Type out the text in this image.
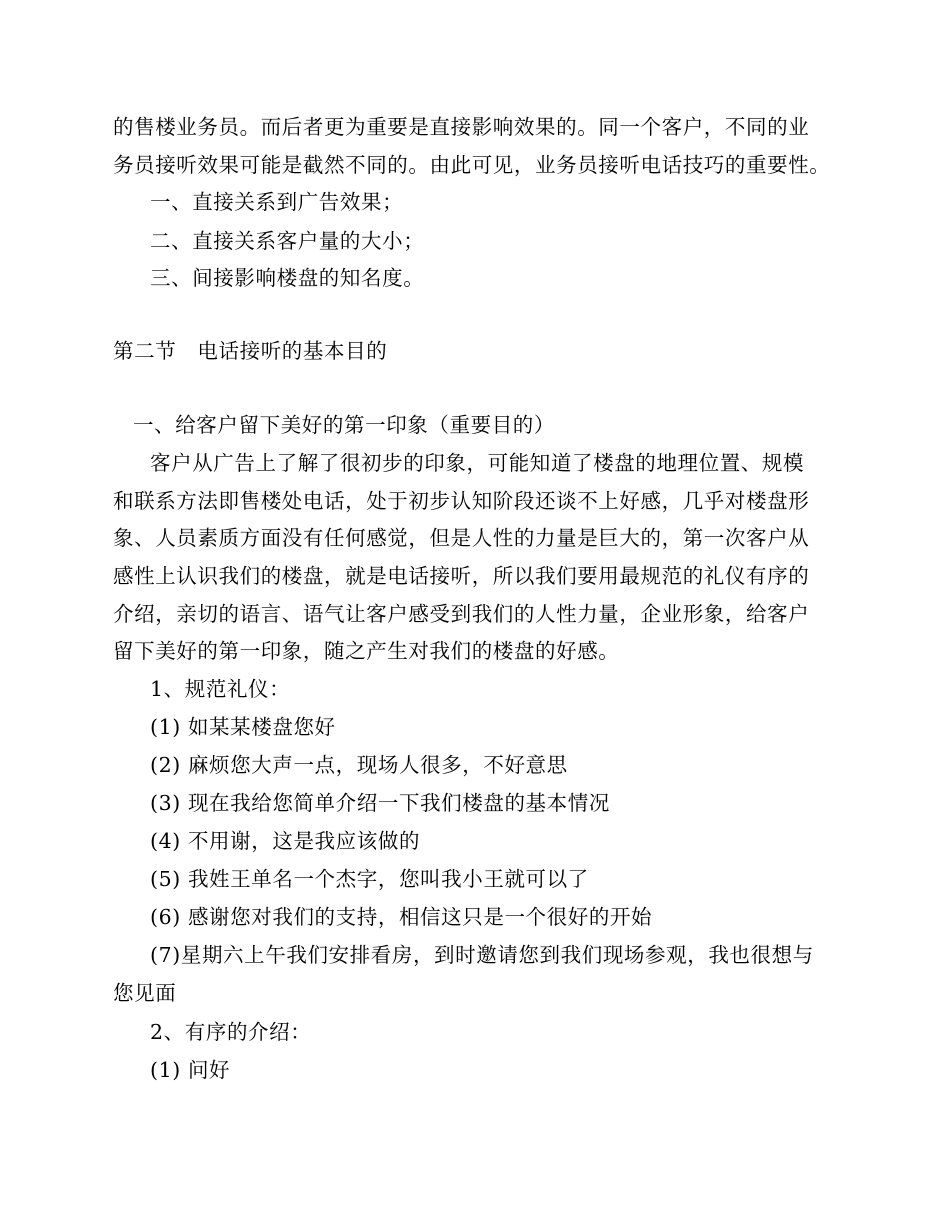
的售楼业务员。而后者更为重要是直接影响效果的。同一个客户，不同的业
务员接听效果可能是截然不同的。由此可见，业务员接听电话技巧的重要性。
一、直接关系到广告效果；
二、直接关系客户量的大小；
三、间接影响楼盘的知名度。
第二节　电话接听的基本目的
一、给客户留下美好的第一印象（重要目的）
客户从广告上了解了很初步的印象，可能知道了楼盘的地理位置、规模
和联系方法即售楼处电话，处于初步认知阶段还谈不上好感，几乎对楼盘形
象、人员素质方面没有任何感觉，但是人性的力量是巨大的，第一次客户从
感性上认识我们的楼盘，就是电话接听，所以我们要用最规范的礼仪有序的
介绍，亲切的语言、语气让客户感受到我们的人性力量，企业形象，给客户
留下美好的第一印象，随之产生对我们的楼盘的好感。
1、规范礼仪：
(1) 如某某楼盘您好
(2) 麻烦您大声一点，现场人很多，不好意思
(3) 现在我给您简单介绍一下我们楼盘的基本情况
(4) 不用谢，这是我应该做的
(5) 我姓王单名一个杰字，您叫我小王就可以了
(6) 感谢您对我们的支持，相信这只是一个很好的开始
(7)星期六上午我们安排看房，到时邀请您到我们现场参观，我也很想与
您见面
2、有序的介绍：
(1) 问好
